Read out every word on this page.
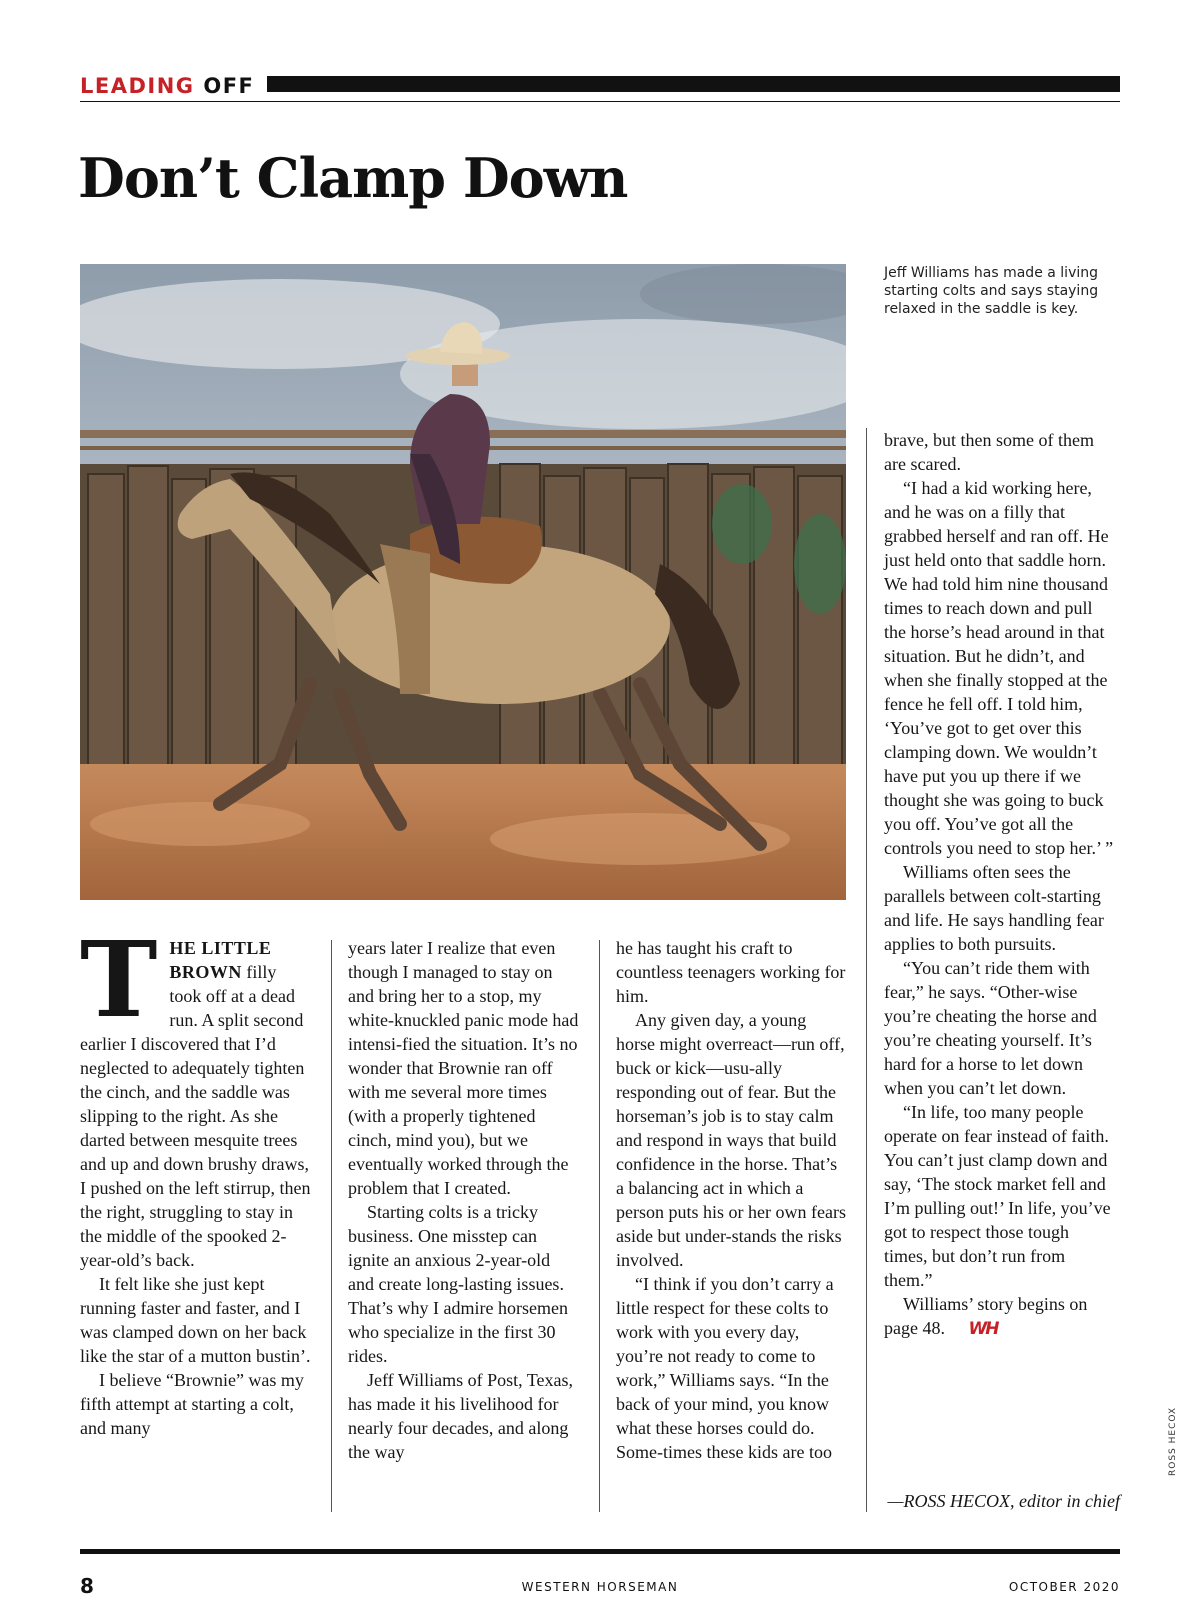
LEADING OFF
Don’t Clamp Down
Jeff Williams has made a living starting colts and says staying relaxed in the saddle is key.

THE LITTLE
BROWN filly took off at a dead run. A split second earlier I discovered that I’d neglected to adequately tighten the cinch, and the saddle was slipping to the right. As she darted between mesquite trees and up and down brushy draws, I pushed on the left stirrup, then the right, struggling to stay in the middle of the spooked 2-year-old’s back.

It felt like she just kept running faster and faster, and I was clamped down on her back like the star of a mutton bustin’.

I believe “Brownie” was my fifth attempt at starting a colt, and many

years later I realize that even though I managed to stay on and bring her to a stop, my white-knuckled panic mode had intensi-fied the situation. It’s no wonder that Brownie ran off with me several more times (with a properly tightened cinch, mind you), but we eventually worked through the problem that I created.

Starting colts is a tricky business. One misstep can ignite an anxious 2-year-old and create long-lasting issues. That’s why I admire horsemen who specialize in the first 30 rides.

Jeff Williams of Post, Texas, has made it his livelihood for nearly four decades, and along the way

he has taught his craft to countless teenagers working for him.

Any given day, a young horse might overreact—run off, buck or kick—usu-ally responding out of fear. But the horseman’s job is to stay calm and respond in ways that build confidence in the horse. That’s a balancing act in which a person puts his or her own fears aside but under-stands the risks involved.

“I think if you don’t carry a little respect for these colts to work with you every day, you’re not ready to come to work,” Williams says. “In the back of your mind, you know what these horses could do. Some-times these kids are too

brave, but then some of them are scared.

“I had a kid working here, and he was on a filly that grabbed herself and ran off. He just held onto that saddle horn. We had told him nine thousand times to reach down and pull the horse’s head around in that situation. But he didn’t, and when she finally stopped at the fence he fell off. I told him, ‘You’ve got to get over this clamping down. We wouldn’t have put you up there if we thought she was going to buck you off. You’ve got all the controls you need to stop her.’ ”

Williams often sees the parallels between colt-starting and life. He says handling fear applies to both pursuits.

“You can’t ride them with fear,” he says. “Other-wise you’re cheating the horse and you’re cheating yourself. It’s hard for a horse to let down when you can’t let down.

“In life, too many people operate on fear instead of faith. You can’t just clamp down and say, ‘The stock market fell and I’m pulling out!’ In life, you’ve got to respect those tough times, but don’t run from them.”

Williams’ story begins on page 48. WH

—ROSS HECOX, editor in chief
ROSS HECOX
8	WESTERN HORSEMAN	OCTOBER 2020
